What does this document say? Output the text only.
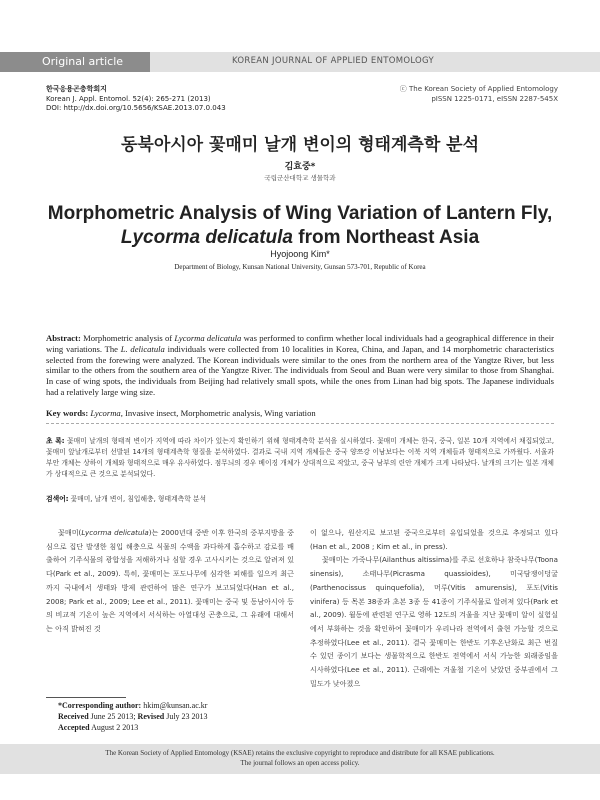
Original article	KOREAN JOURNAL OF APPLIED ENTOMOLOGY
한국응용곤충학회지
Korean J. Appl. Entomol. 52(4): 265-271 (2013)
DOI: http://dx.doi.org/10.5656/KSAE.2013.07.0.043
ⓒ The Korean Society of Applied Entomology
pISSN 1225-0171, eISSN 2287-545X
동북아시아 꽃매미 날개 변이의 형태계측학 분석
김효중*
국립군산대학교 생물학과
Morphometric Analysis of Wing Variation of Lantern Fly,
Lycorma delicatula from Northeast Asia
Hyojoong Kim*
Department of Biology, Kunsan National University, Gunsan 573-701, Republic of Korea
Abstract: Morphometric analysis of Lycorma delicatula was performed to confirm whether local individuals had a geographical difference in their wing variations. The L. delicatula individuals were collected from 10 localities in Korea, China, and Japan, and 14 morphometric characteristics selected from the forewing were analyzed. The Korean individuals were similar to the ones from the northern area of the Yangtze River, but less similar to the others from the southern area of the Yangtze River. The individuals from Seoul and Buan were very similar to those from Shanghai. In case of wing spots, the individuals from Beijing had relatively small spots, while the ones from Linan had big spots. The Japanese individuals had a relatively large wing size.
Key words: Lycorma, Invasive insect, Morphometric analysis, Wing variation
초 록: 꽃매미 날개의 형태적 변이가 지역에 따라 차이가 있는지 확인하기 위해 형태계측학 분석을 실시하였다. 꽃매미 개체는 한국, 중국, 일본 10개 지역에서 채집되었고, 꽃매미 앞날개로부터 선발된 14개의 형태계측학 형질을 분석하였다. 결과로 국내 지역 개체들은 중국 양쯔강 이남보다는 이북 지역 개체들과 형태적으로 가까웠다. 서울과 부안 개체는 상하이 개체와 형태적으로 매우 유사하였다. 점무늬의 경우 베이징 개체가 상대적으로 작았고, 중국 남부의 린안 개체가 크게 나타났다. 날개의 크기는 일본 개체가 상대적으로 큰 것으로 분석되었다.
검색어: 꽃매미, 날개 변이, 침입해충, 형태계측학 분석

꽃매미(Lycorma delicatula)는 2000년대 중반 이후 한국의 중부지방을 중심으로 집단 발생한 침입 해충으로 식물의 수액을 과다하게 흡수하고 감로를 배출하여 기주식물의 광합성을 저해하거나 심할 경우 고사시키는 것으로 알려져 있다(Park et al., 2009). 특히, 꽃매미는 포도나무에 심각한 피해를 일으켜 최근까지 국내에서 생태와 방제 관련하여 많은 연구가 보고되었다(Han et al., 2008; Park et al., 2009; Lee et al., 2011). 꽃매미는 중국 및 동남아시아 등의 비교적 기온이 높은 지역에서 서식하는 아열대성 곤충으로, 그 유래에 대해서는 아직 밝혀진 것

이 없으나, 원산지로 보고된 중국으로부터 유입되었을 것으로 추정되고 있다 (Han et al., 2008 ; Kim et al., in press).

꽃매미는 가죽나무(Ailanthus altissima)를 주로 선호하나 참죽나무(Toona sinensis), 소태나무(Picrasma quassioides), 미국담쟁이덩굴(Parthenocissus quinquefolia), 머루(Vitis amurensis), 포도(Vitis vinifera) 등 목본 38종과 초본 3종 등 41종이 기주식물로 알려져 있다(Park et al., 2009). 월동에 관련된 연구로 영하 12도의 겨울을 지난 꽃매미 알이 실험실에서 부화하는 것을 확인하여 꽃매미가 우리나라 전역에서 출현 가능할 것으로 추정하였다(Lee et al., 2011). 결국 꽃매미는 한반도 기후온난화로 최근 번질 수 있던 종이기 보다는 생물학적으로 한반도 전역에서 서식 가능한 외래종임을 시사하였다(Lee et al., 2011). 근래에는 겨울철 기온이 낮았던 중부권에서 그 밀도가 낮아졌으

*Corresponding author: hkim@kunsan.ac.kr
Received June 25 2013; Revised July 23 2013
Accepted August 2 2013
The Korean Society of Applied Entomology (KSAE) retains the exclusive copyright to reproduce and distribute for all KSAE publications.
The journal follows an open access policy.
